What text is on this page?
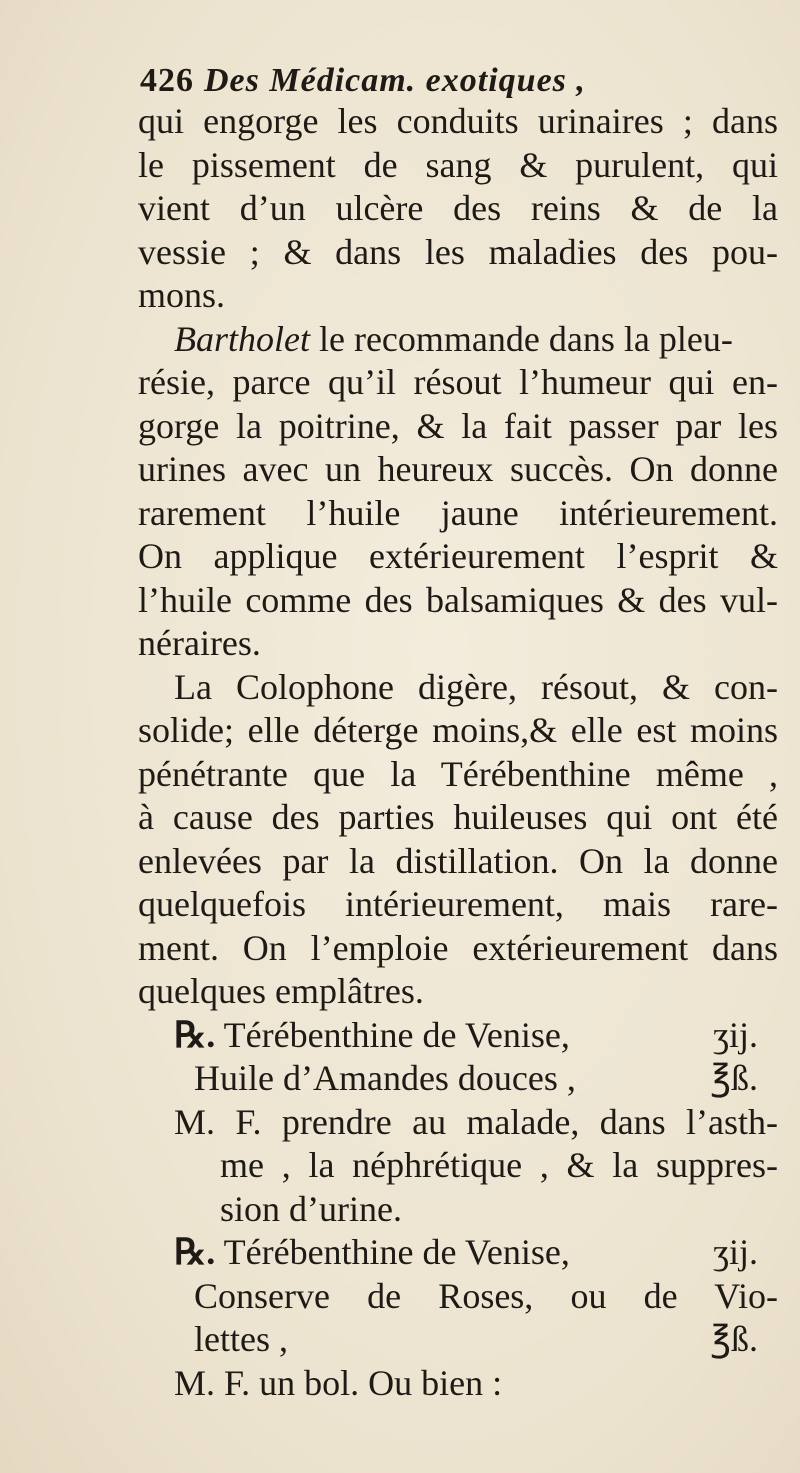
426 Des Médicam. exotiques ,
qui engorge les conduits urinaires ; dans
le pissement de sang & purulent, qui
vient d’un ulcère des reins & de la
vessie ; & dans les maladies des pou-
mons.
Bartholet le recommande dans la pleu-
résie, parce qu’il résout l’humeur qui en-
gorge la poitrine, & la fait passer par les
urines avec un heureux succès. On donne
rarement l’huile jaune intérieurement.
On applique extérieurement l’esprit &
l’huile comme des balsamiques & des vul-
néraires.
La Colophone digère, résout, & con-
solide; elle déterge moins,& elle est moins
pénétrante que la Térébenthine même ,
à cause des parties huileuses qui ont été
enlevées par la distillation. On la donne
quelquefois intérieurement, mais rare-
ment. On l’emploie extérieurement dans
quelques emplâtres.
℞. Térébenthine de Venise,	ʒij.
Huile d’Amandes douces ,	℥ß.
M. F. prendre au malade, dans l’asth-
me , la néphrétique , & la suppres-
sion d’urine.
℞. Térébenthine de Venise,	ʒij.
Conserve de Roses, ou de Vio-
lettes ,	℥ß.
M. F. un bol. Ou bien :
